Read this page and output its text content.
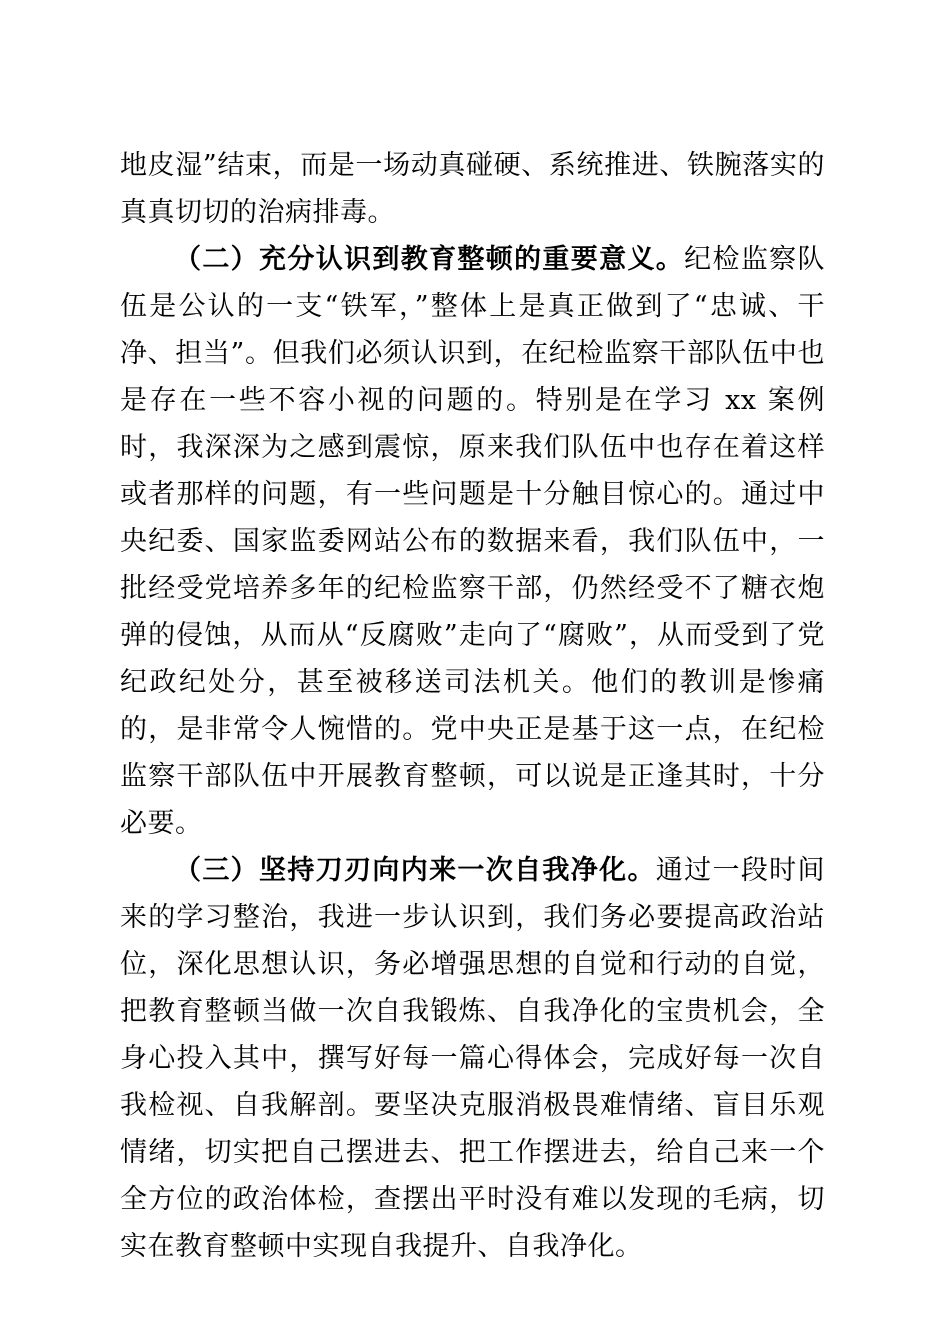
地皮湿”结束，而是一场动真碰硬、系统推进、铁腕落实的真真切切的治病排毒。

（二）充分认识到教育整顿的重要意义。纪检监察队伍是公认的一支“铁军，”整体上是真正做到了“忠诚、干净、担当”。但我们必须认识到，在纪检监察干部队伍中也是存在一些不容小视的问题的。特别是在学习 xx 案例时，我深深为之感到震惊，原来我们队伍中也存在着这样或者那样的问题，有一些问题是十分触目惊心的。通过中央纪委、国家监委网站公布的数据来看，我们队伍中，一批经受党培养多年的纪检监察干部，仍然经受不了糖衣炮弹的侵蚀，从而从“反腐败”走向了“腐败”，从而受到了党纪政纪处分，甚至被移送司法机关。他们的教训是惨痛的，是非常令人惋惜的。党中央正是基于这一点，在纪检监察干部队伍中开展教育整顿，可以说是正逢其时，十分必要。

（三）坚持刀刃向内来一次自我净化。通过一段时间来的学习整治，我进一步认识到，我们务必要提高政治站位，深化思想认识，务必增强思想的自觉和行动的自觉，把教育整顿当做一次自我锻炼、自我净化的宝贵机会，全身心投入其中，撰写好每一篇心得体会，完成好每一次自我检视、自我解剖。要坚决克服消极畏难情绪、盲目乐观情绪，切实把自己摆进去、把工作摆进去，给自己来一个全方位的政治体检，查摆出平时没有难以发现的毛病，切实在教育整顿中实现自我提升、自我净化。
